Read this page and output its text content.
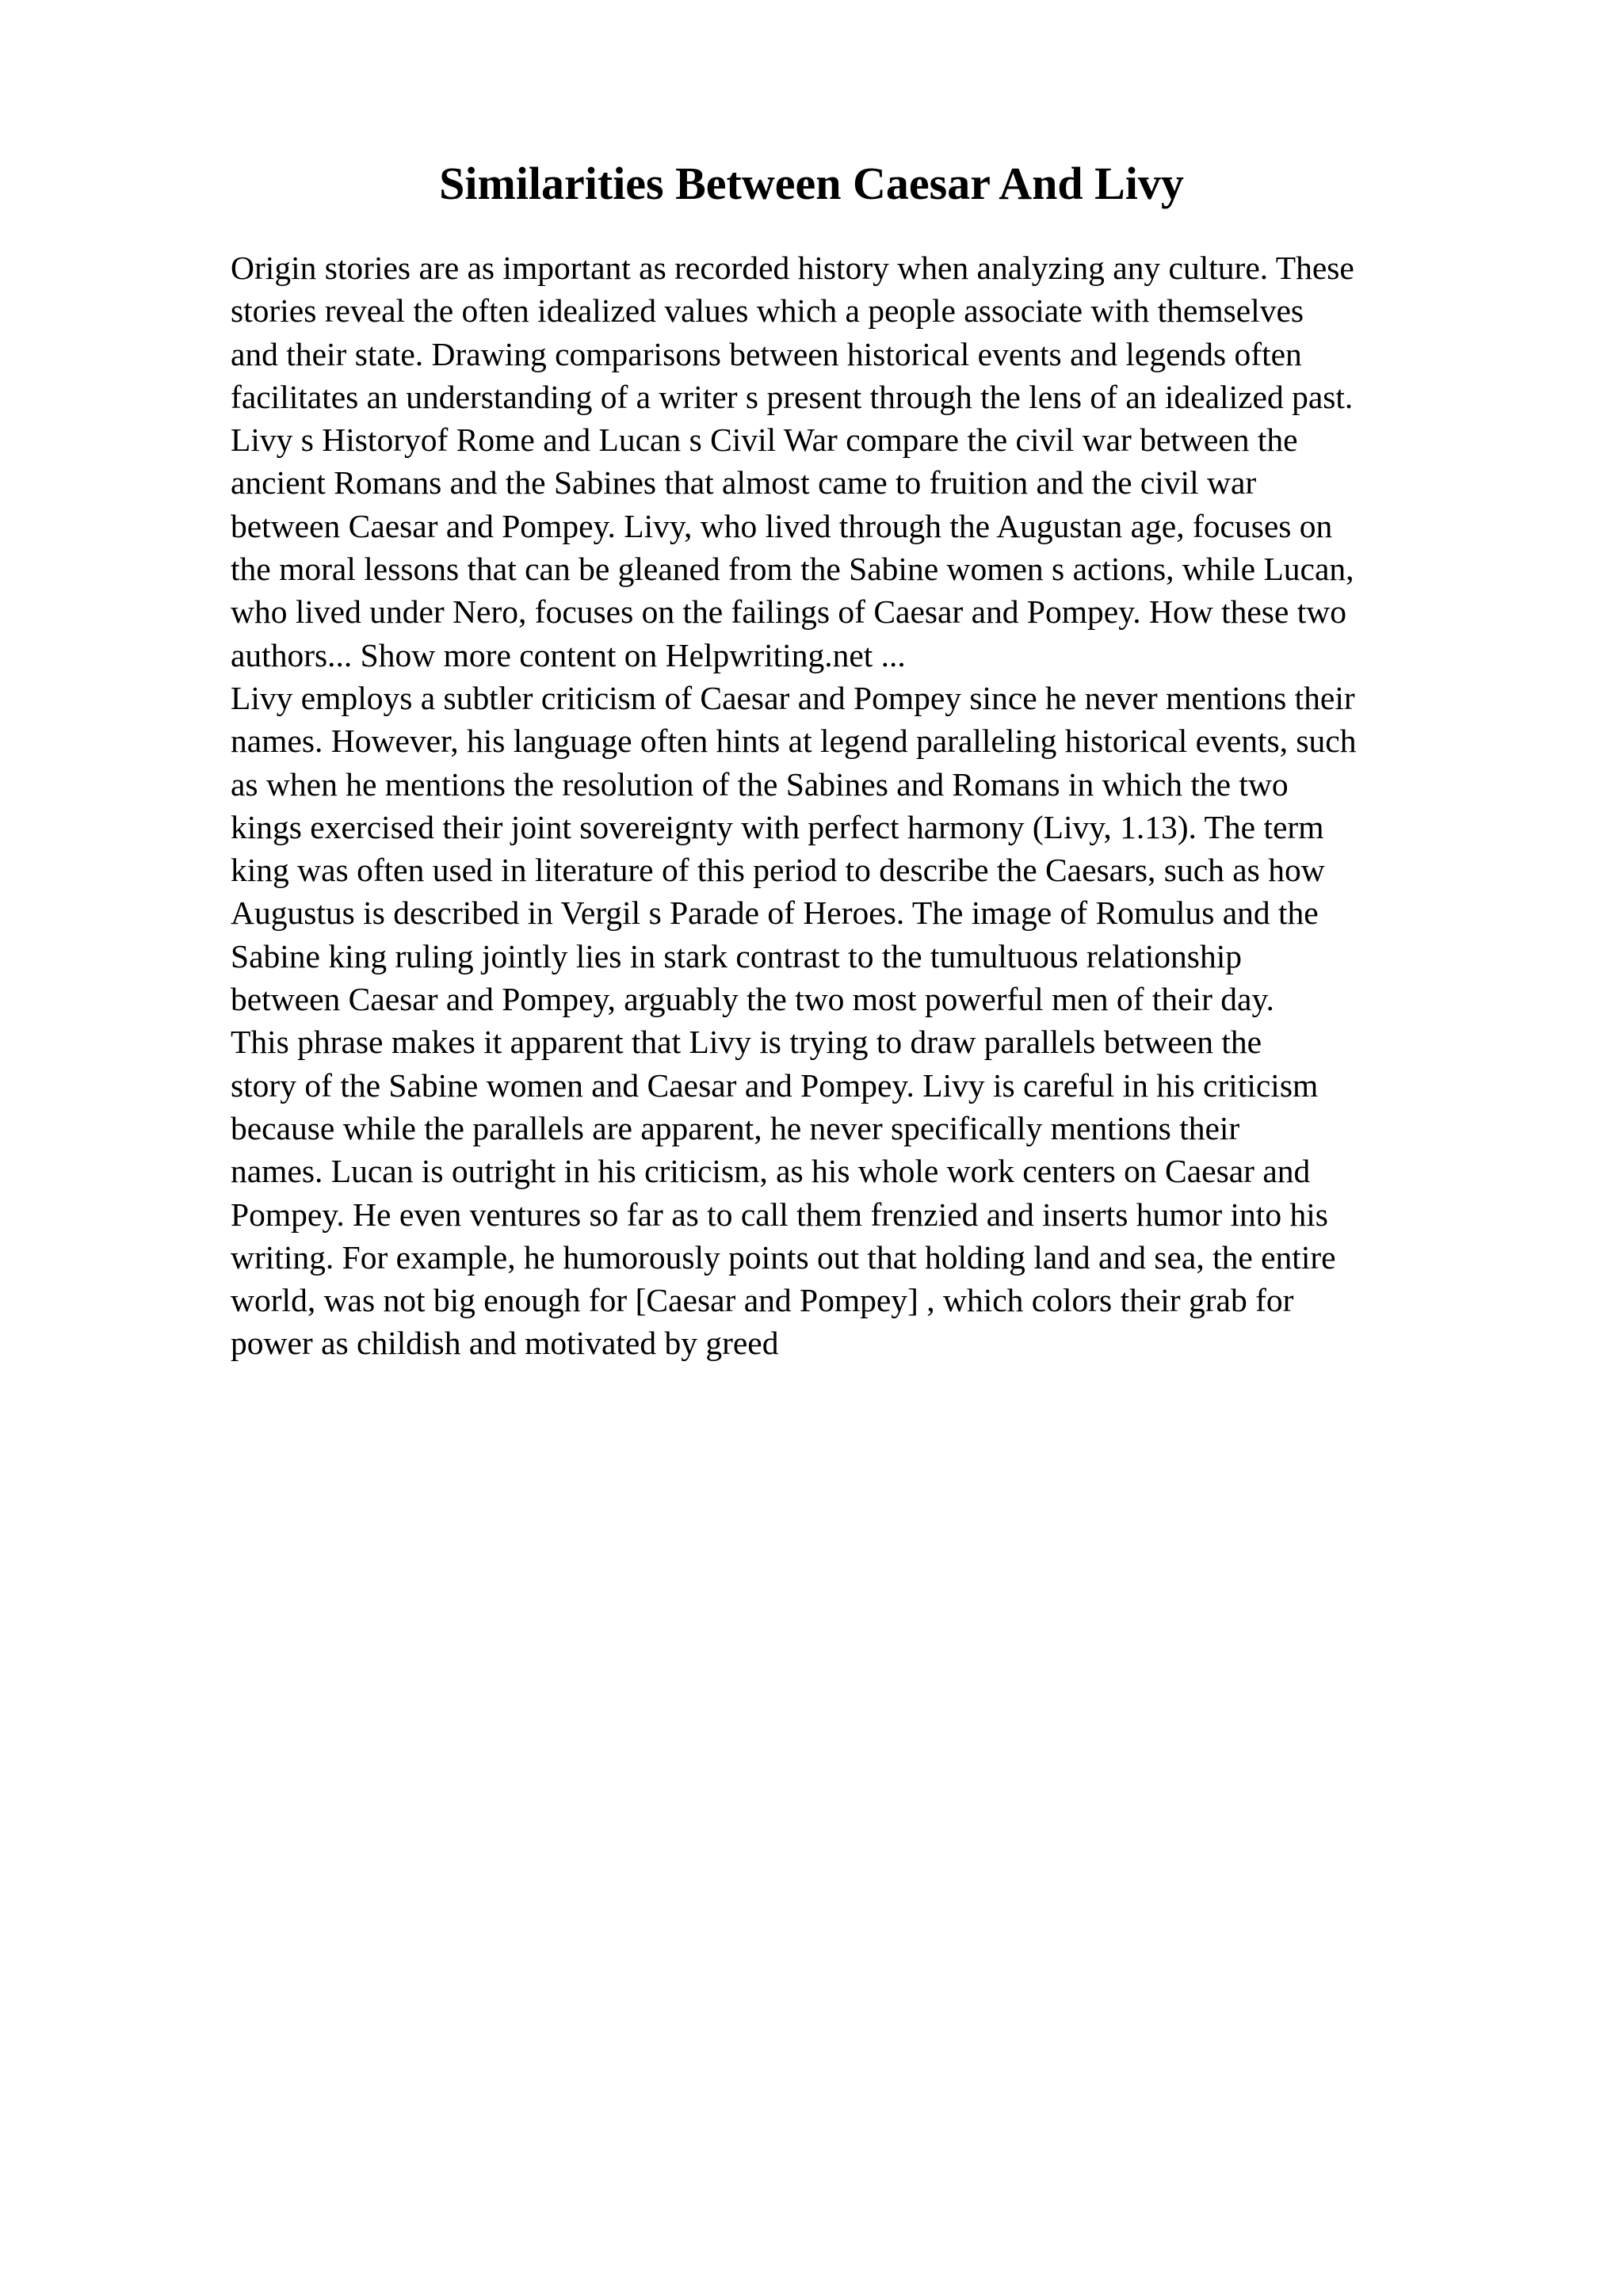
Similarities Between Caesar And Livy
Origin stories are as important as recorded history when analyzing any culture. These
stories reveal the often idealized values which a people associate with themselves
and their state. Drawing comparisons between historical events and legends often
facilitates an understanding of a writer s present through the lens of an idealized past.
Livy s Historyof Rome and Lucan s Civil War compare the civil war between the
ancient Romans and the Sabines that almost came to fruition and the civil war
between Caesar and Pompey. Livy, who lived through the Augustan age, focuses on
the moral lessons that can be gleaned from the Sabine women s actions, while Lucan,
who lived under Nero, focuses on the failings of Caesar and Pompey. How these two
authors... Show more content on Helpwriting.net ...
Livy employs a subtler criticism of Caesar and Pompey since he never mentions their
names. However, his language often hints at legend paralleling historical events, such
as when he mentions the resolution of the Sabines and Romans in which the two
kings exercised their joint sovereignty with perfect harmony (Livy, 1.13). The term
king was often used in literature of this period to describe the Caesars, such as how
Augustus is described in Vergil s Parade of Heroes. The image of Romulus and the
Sabine king ruling jointly lies in stark contrast to the tumultuous relationship
between Caesar and Pompey, arguably the two most powerful men of their day.
This phrase makes it apparent that Livy is trying to draw parallels between the
story of the Sabine women and Caesar and Pompey. Livy is careful in his criticism
because while the parallels are apparent, he never specifically mentions their
names. Lucan is outright in his criticism, as his whole work centers on Caesar and
Pompey. He even ventures so far as to call them frenzied and inserts humor into his
writing. For example, he humorously points out that holding land and sea, the entire
world, was not big enough for [Caesar and Pompey] , which colors their grab for
power as childish and motivated by greed
